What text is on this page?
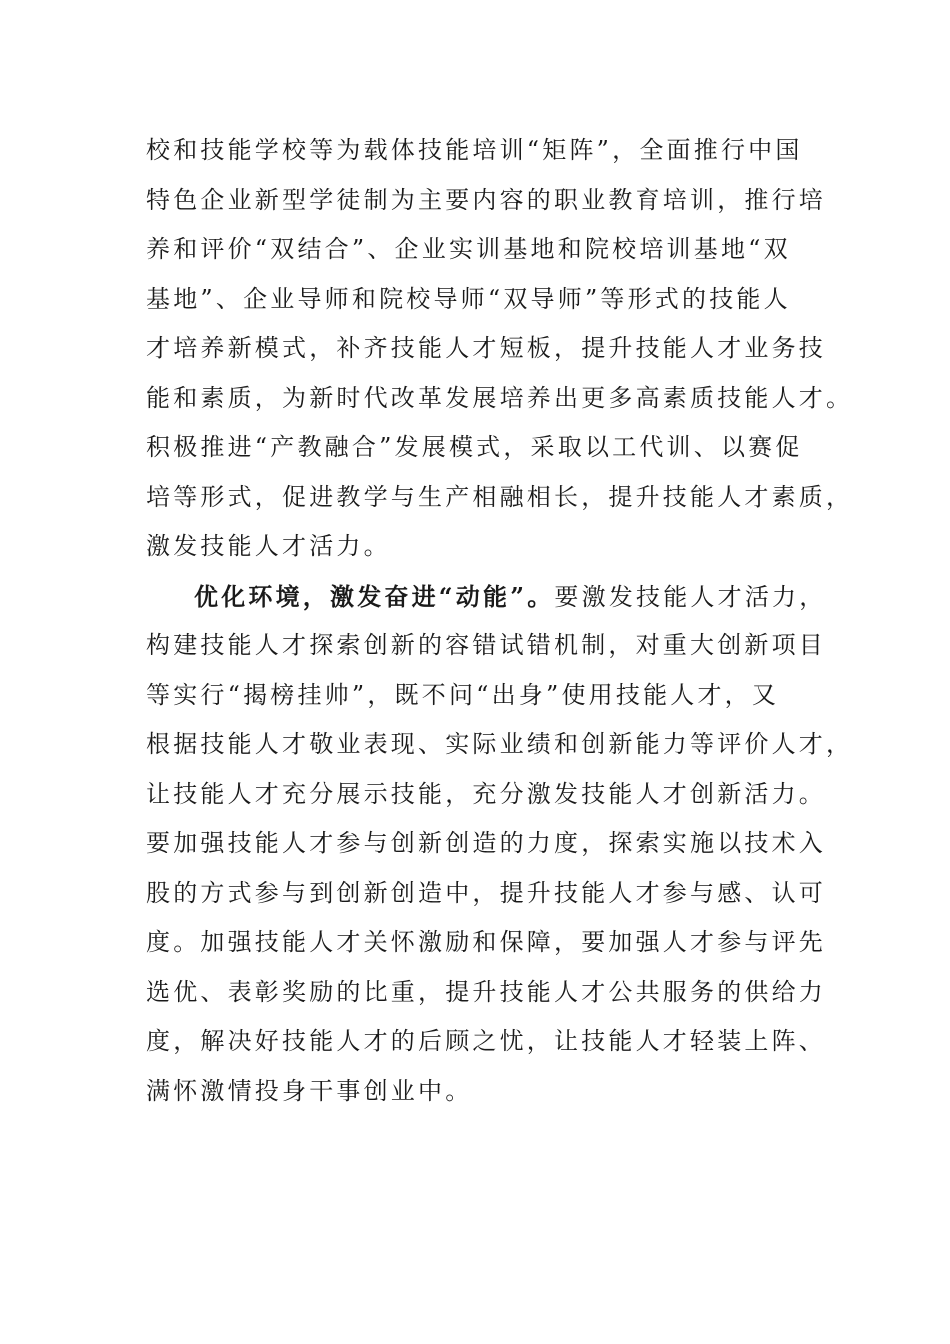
校和技能学校等为载体技能培训“矩阵”，全面推行中国
特色企业新型学徒制为主要内容的职业教育培训，推行培
养和评价“双结合”、企业实训基地和院校培训基地“双
基地”、企业导师和院校导师“双导师”等形式的技能人
才培养新模式，补齐技能人才短板，提升技能人才业务技
能和素质，为新时代改革发展培养出更多高素质技能人才。
积极推进“产教融合”发展模式，采取以工代训、以赛促
培等形式，促进教学与生产相融相长，提升技能人才素质，
激发技能人才活力。
优化环境，激发奋进“动能”。要激发技能人才活力，
构建技能人才探索创新的容错试错机制，对重大创新项目
等实行“揭榜挂帅”，既不问“出身”使用技能人才，又
根据技能人才敬业表现、实际业绩和创新能力等评价人才，
让技能人才充分展示技能，充分激发技能人才创新活力。
要加强技能人才参与创新创造的力度，探索实施以技术入
股的方式参与到创新创造中，提升技能人才参与感、认可
度。加强技能人才关怀激励和保障，要加强人才参与评先
选优、表彰奖励的比重，提升技能人才公共服务的供给力
度，解决好技能人才的后顾之忧，让技能人才轻装上阵、
满怀激情投身干事创业中。
